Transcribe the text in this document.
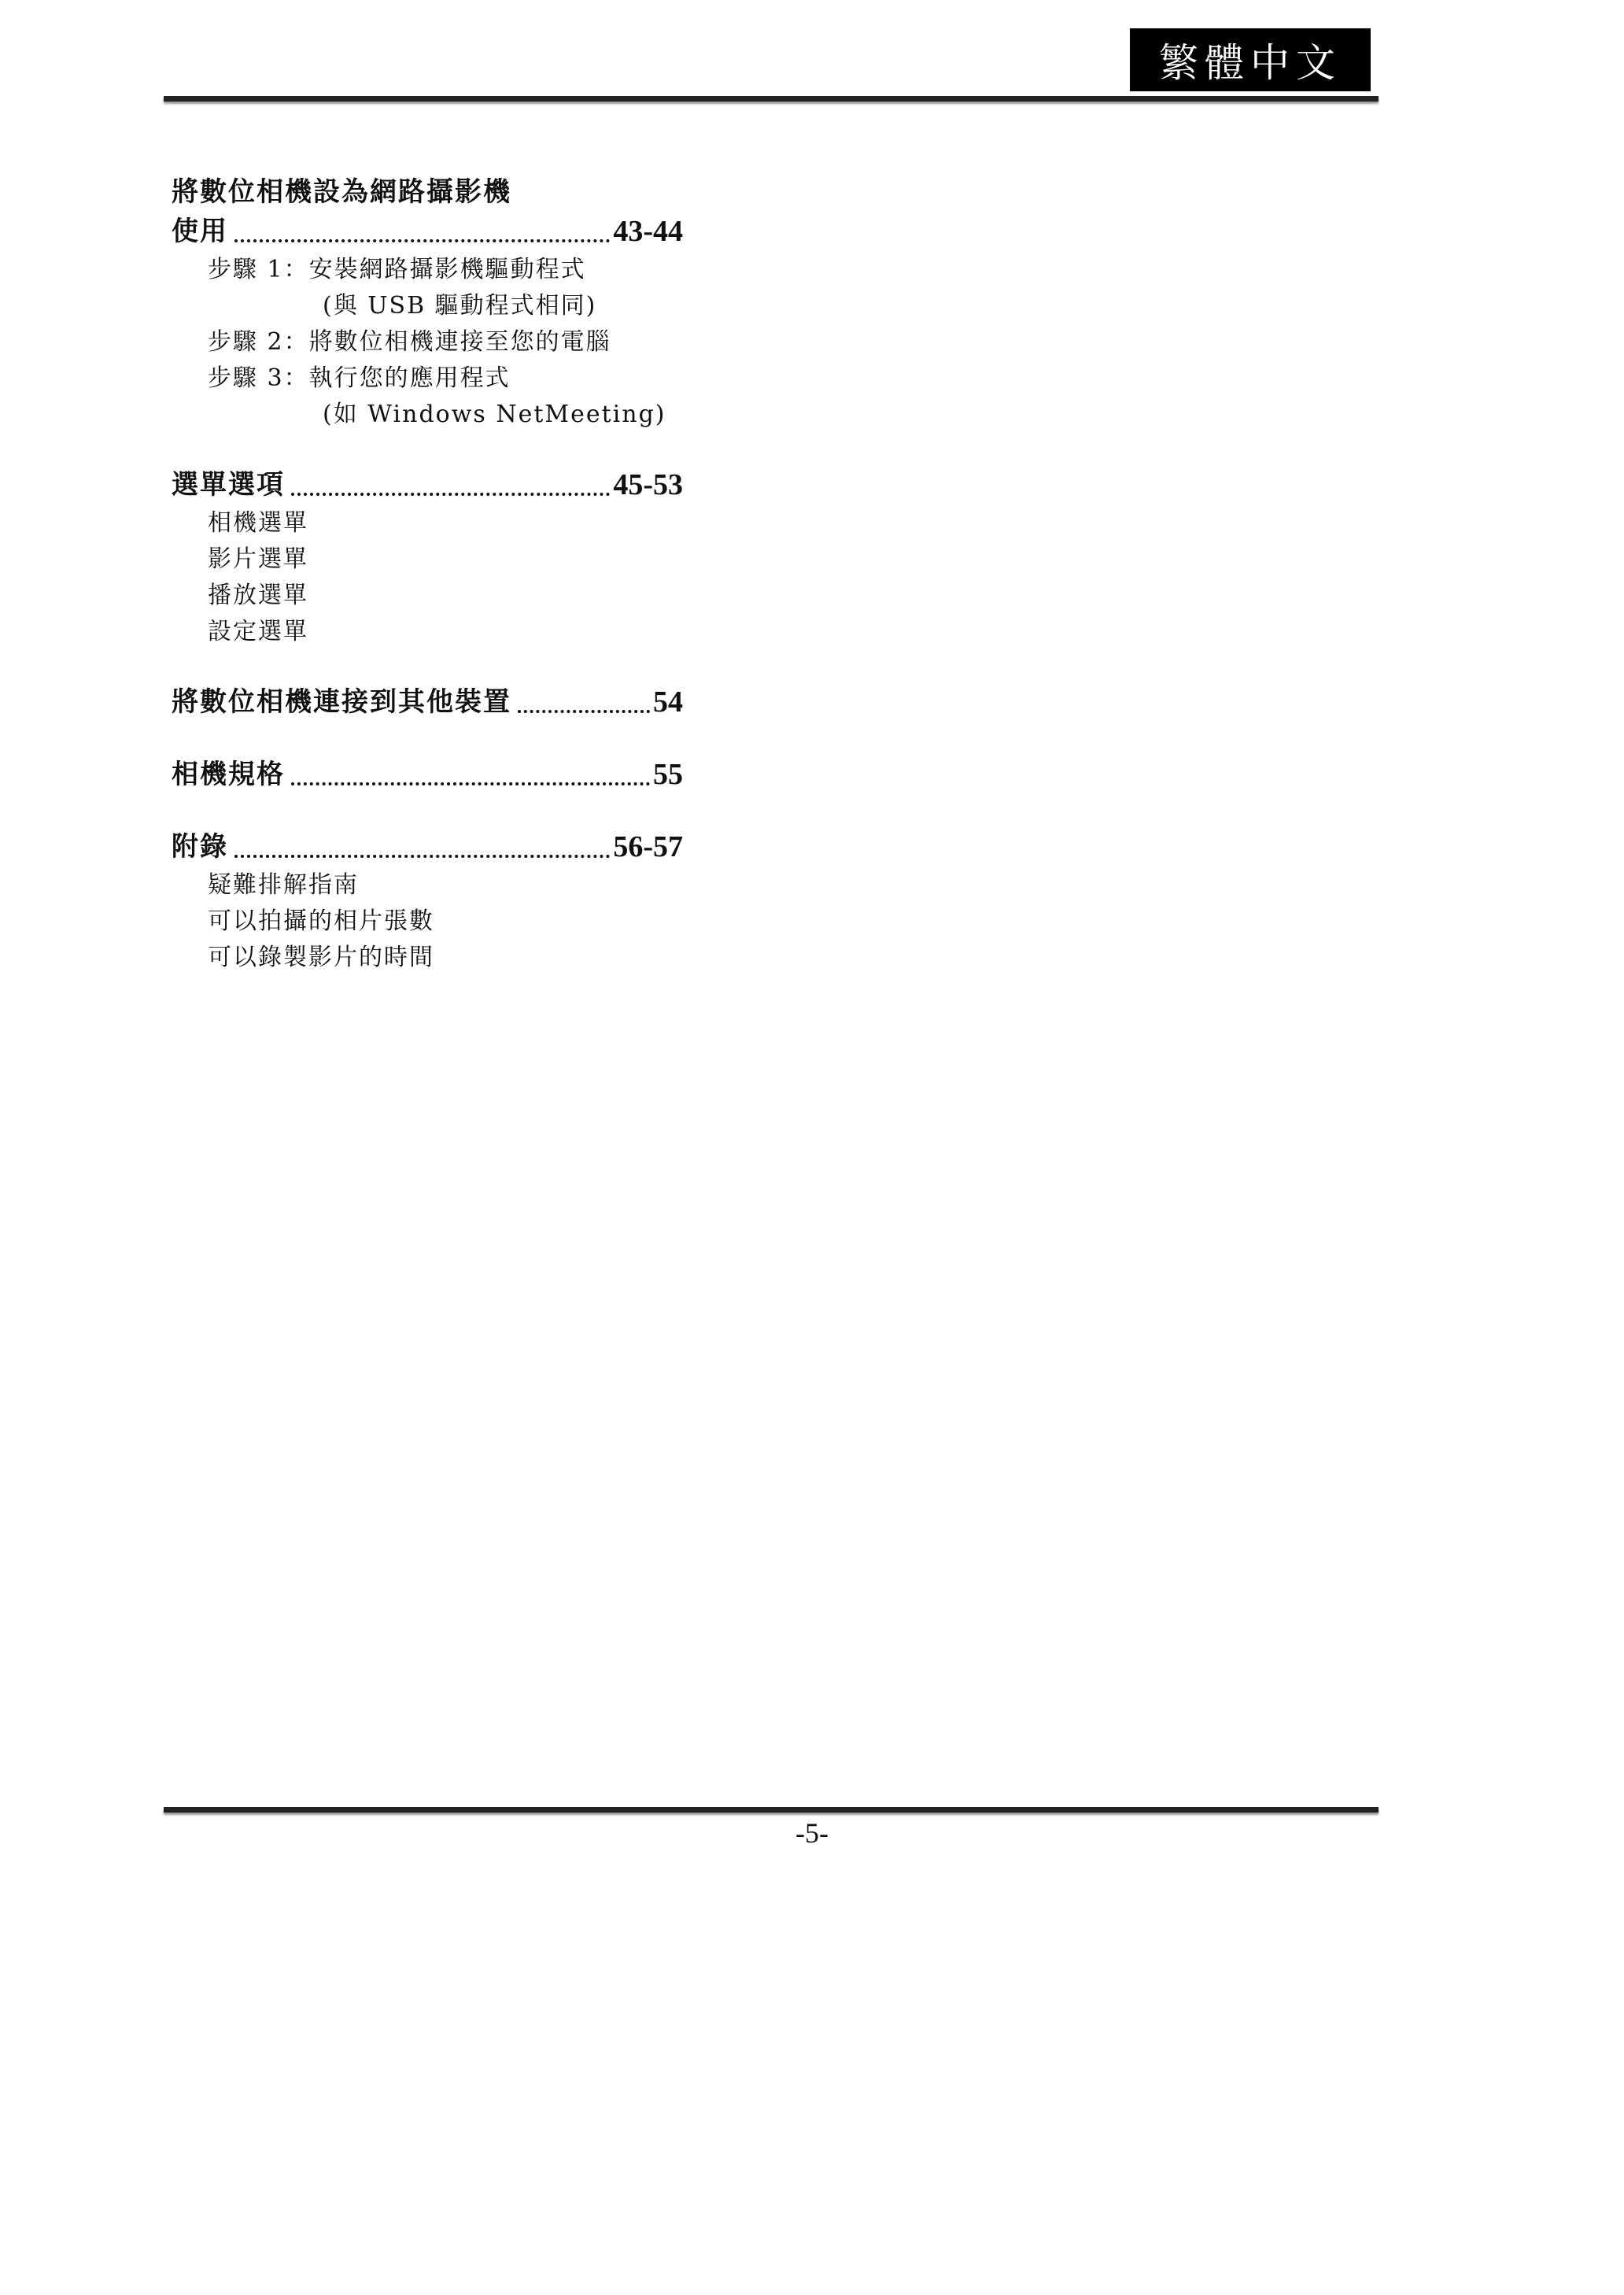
繁體中文
將數位相機設為網路攝影機
使用	43-44
步驟 1：安裝網路攝影機驅動程式
(與 USB 驅動程式相同)
步驟 2：將數位相機連接至您的電腦
步驟 3：執行您的應用程式
(如 Windows NetMeeting)
選單選項	45-53
相機選單
影片選單
播放選單
設定選單
將數位相機連接到其他裝置	54
相機規格	55
附錄	56-57
疑難排解指南
可以拍攝的相片張數
可以錄製影片的時間
-5-
